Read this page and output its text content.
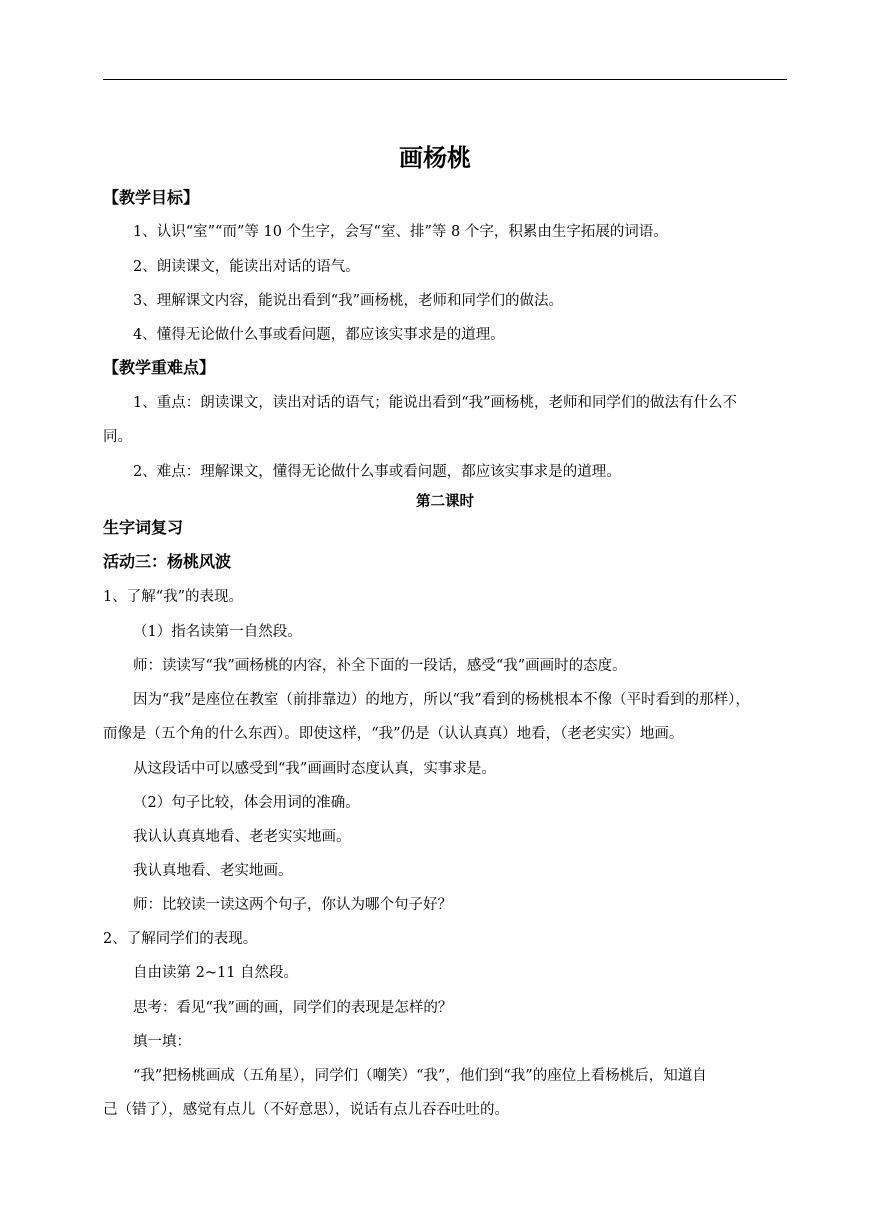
画杨桃
【教学目标】
1、认识“室”“而”等 10 个生字，会写“室、排”等 8 个字，积累由生字拓展的词语。
2、朗读课文，能读出对话的语气。
3、理解课文内容，能说出看到“我”画杨桃，老师和同学们的做法。
4、懂得无论做什么事或看问题，都应该实事求是的道理。
【教学重难点】
1、重点：朗读课文，读出对话的语气；能说出看到“我”画杨桃，老师和同学们的做法有什么不
同。
2、难点：理解课文，懂得无论做什么事或看问题，都应该实事求是的道理。
第二课时
生字词复习
活动三：杨桃风波
1、了解“我”的表现。
（1）指名读第一自然段。
师：读读写“我”画杨桃的内容，补全下面的一段话，感受“我”画画时的态度。
因为“我”是座位在教室（前排靠边）的地方，所以“我”看到的杨桃根本不像（平时看到的那样），
而像是（五个角的什么东西）。即使这样，“我”仍是（认认真真）地看，（老老实实）地画。
从这段话中可以感受到“我”画画时态度认真，实事求是。
（2）句子比较，体会用词的准确。
我认认真真地看、老老实实地画。
我认真地看、老实地画。
师：比较读一读这两个句子，你认为哪个句子好？
2、了解同学们的表现。
自由读第 2~11 自然段。
思考：看见“我”画的画，同学们的表现是怎样的？
填一填：
“我”把杨桃画成（五角星），同学们（嘲笑）“我”，他们到“我”的座位上看杨桃后，知道自
己（错了），感觉有点儿（不好意思），说话有点儿吞吞吐吐的。
